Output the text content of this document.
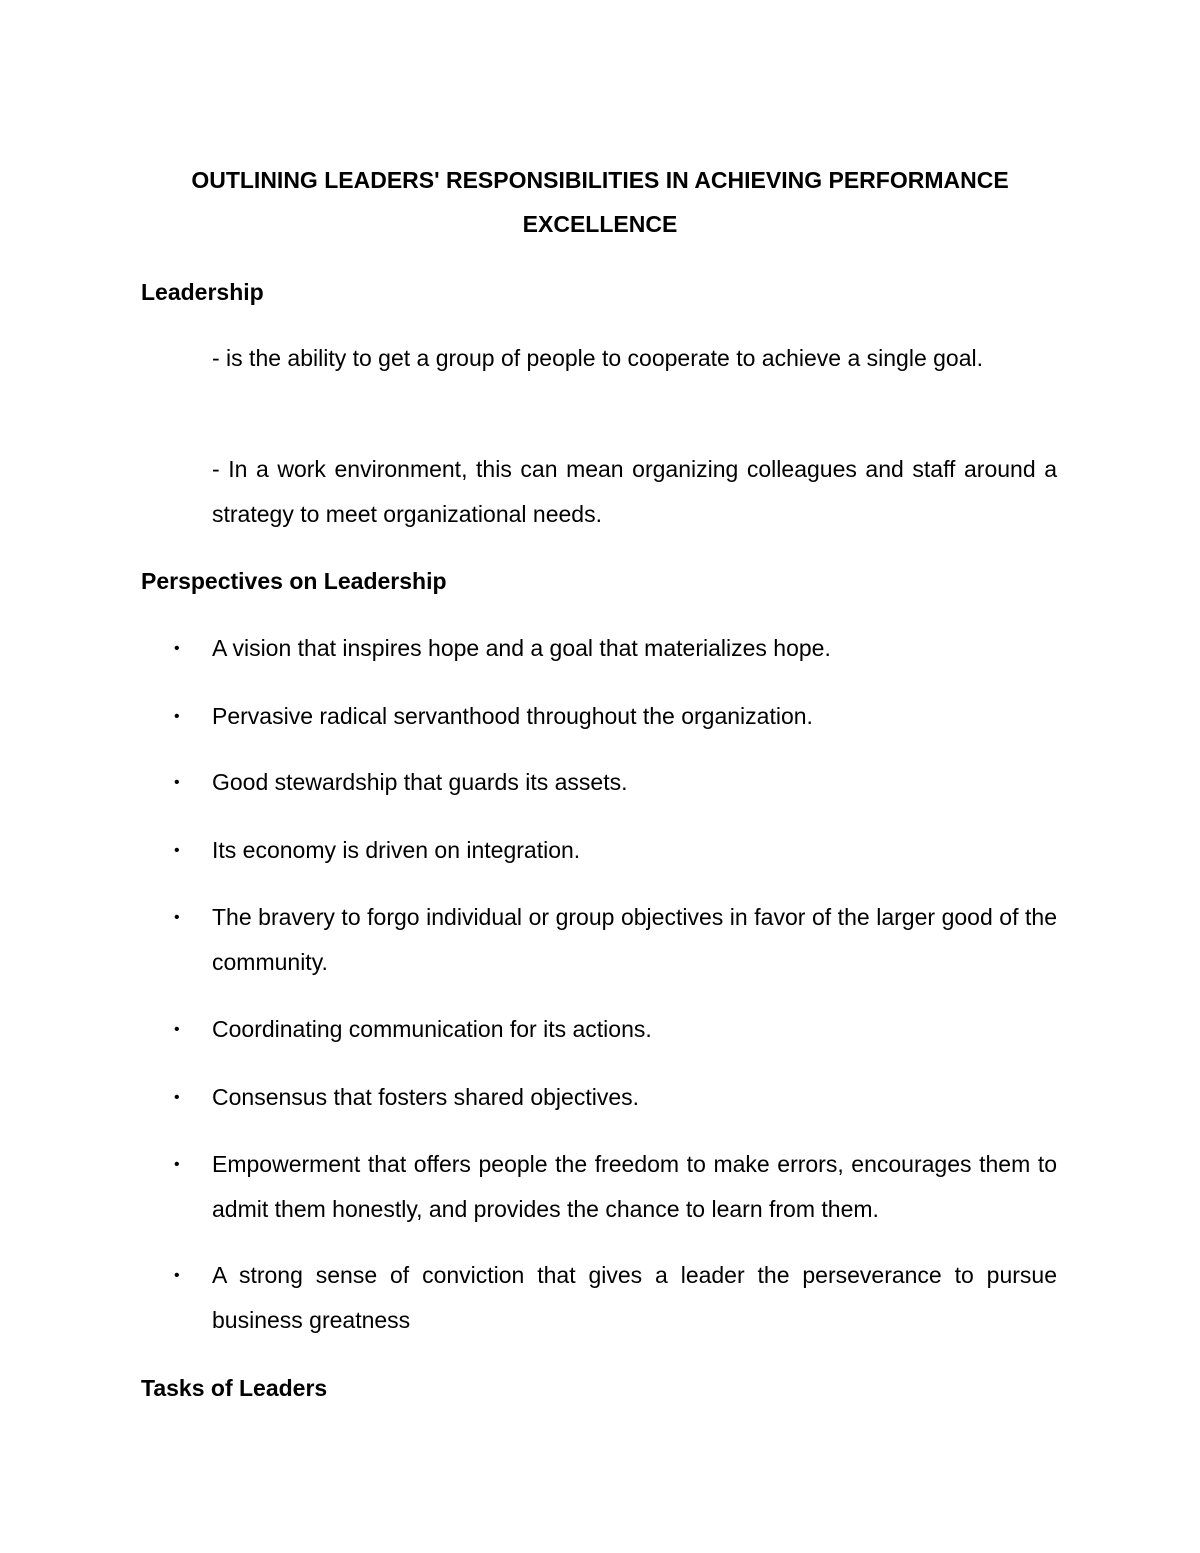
OUTLINING LEADERS' RESPONSIBILITIES IN ACHIEVING PERFORMANCE EXCELLENCE
Leadership
- is the ability to get a group of people to cooperate to achieve a single goal.
- In a work environment, this can mean organizing colleagues and staff around a strategy to meet organizational needs.
Perspectives on Leadership
• A vision that inspires hope and a goal that materializes hope.
• Pervasive radical servanthood throughout the organization.
• Good stewardship that guards its assets.
• Its economy is driven on integration.
• The bravery to forgo individual or group objectives in favor of the larger good of the community.
• Coordinating communication for its actions.
• Consensus that fosters shared objectives.
• Empowerment that offers people the freedom to make errors, encourages them to admit them honestly, and provides the chance to learn from them.
• A strong sense of conviction that gives a leader the perseverance to pursue business greatness
Tasks of Leaders
